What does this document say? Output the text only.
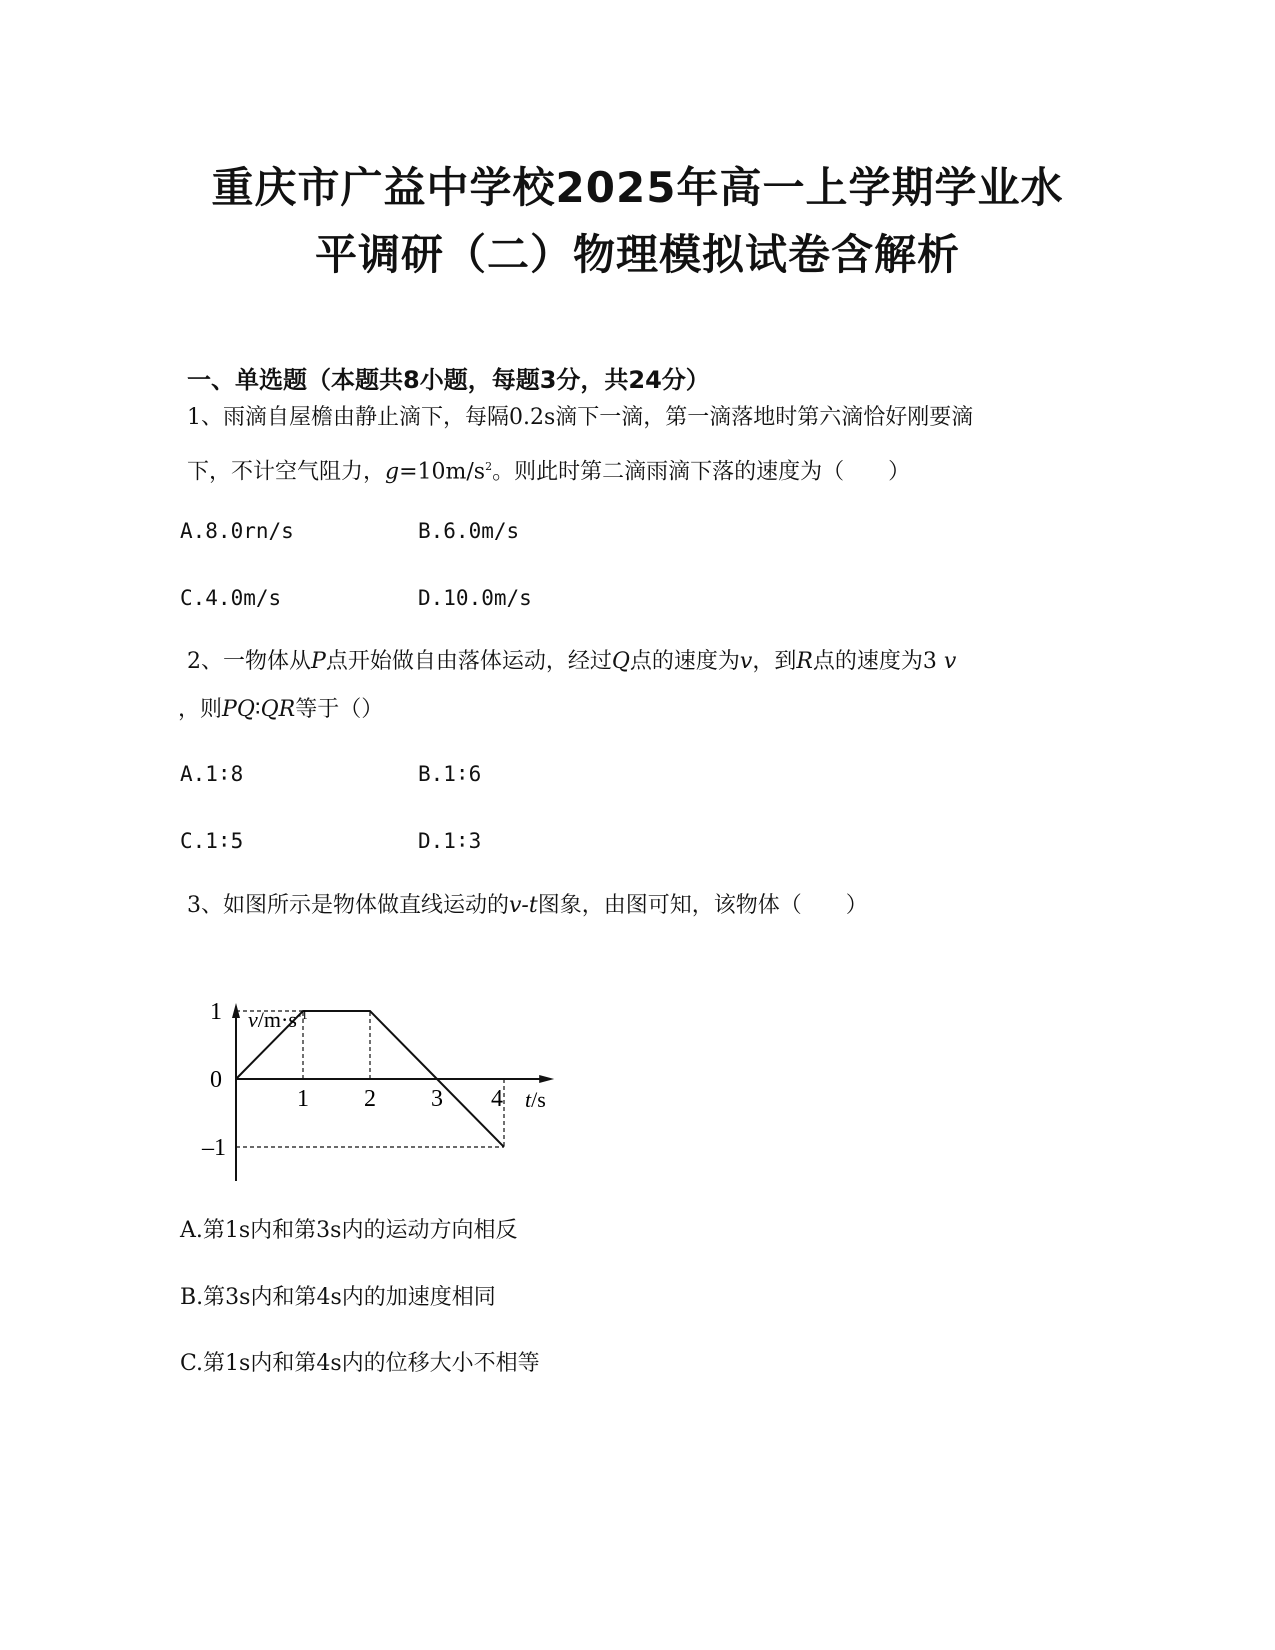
重庆市广益中学校2025年高一上学期学业水
平调研（二）物理模拟试卷含解析
一、单选题（本题共8小题，每题3分，共24分）
1、雨滴自屋檐由静止滴下，每隔0.2s滴下一滴，第一滴落地时第六滴恰好刚要滴
下，不计空气阻力，$g=10m/s^2$。则此时第二滴雨滴下落的速度为（　　）
A.8.0rn/s	B.6.0m/s
C.4.0m/s	D.10.0m/s
2、一物体从P点开始做自由落体运动，经过Q点的速度为v，到R点的速度为3 v
，则PQ∶QR等于（）
A.1∶8	B.1∶6
C.1∶5	D.1∶3
3、如图所示是物体做直线运动的v-t图象，由图可知，该物体（　　）
1 2 3 4
1
0
–1
$v/m\cdot s^{-1}$
t/s
A.第1s内和第3s内的运动方向相反
B.第3s内和第4s内的加速度相同
C.第1s内和第4s内的位移大小不相等
